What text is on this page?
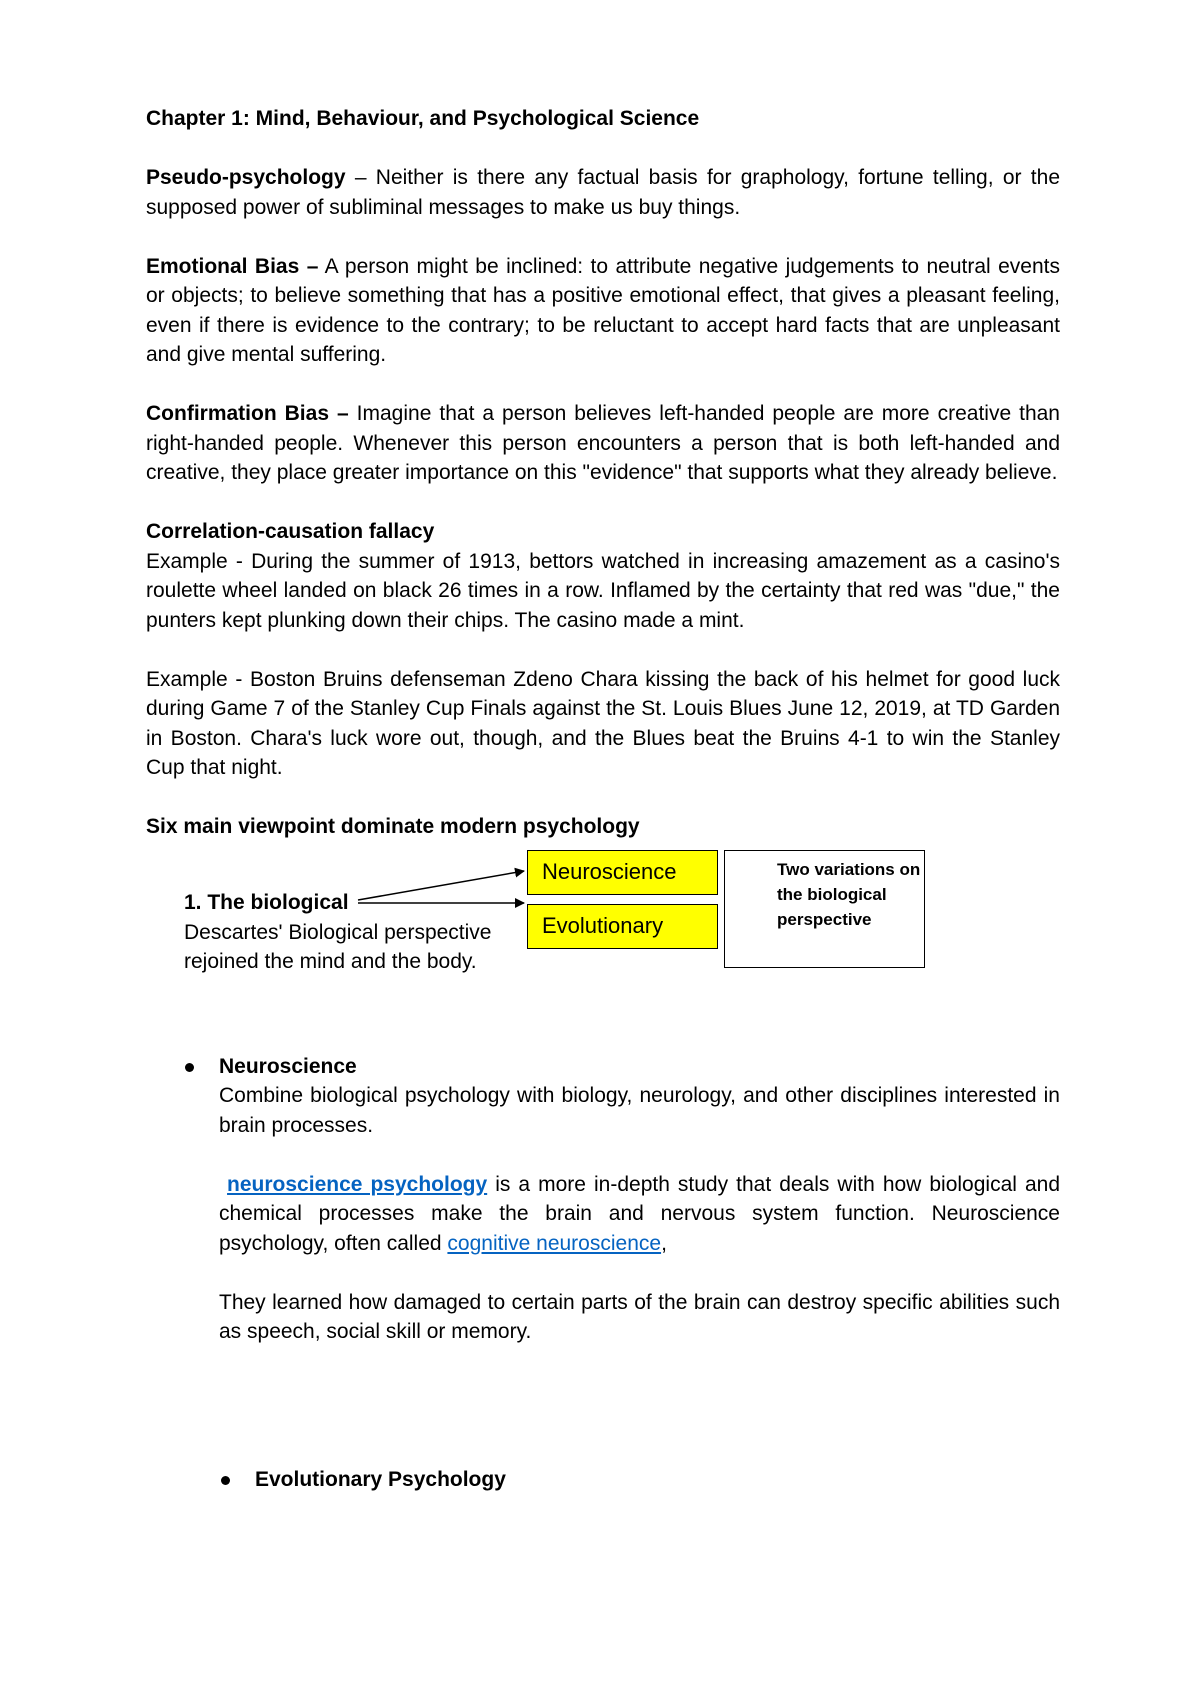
Chapter 1: Mind, Behaviour, and Psychological Science

Pseudo-psychology – Neither is there any factual basis for graphology, fortune telling, or the supposed power of subliminal messages to make us buy things.

Emotional Bias – A person might be inclined: to attribute negative judgements to neutral events or objects; to believe something that has a positive emotional effect, that gives a pleasant feeling, even if there is evidence to the contrary; to be reluctant to accept hard facts that are unpleasant and give mental suffering.

Confirmation Bias – Imagine that a person believes left-handed people are more creative than right-handed people. Whenever this person encounters a person that is both left-handed and creative, they place greater importance on this "evidence" that supports what they already believe.

Correlation-causation fallacy

Example - During the summer of 1913, bettors watched in increasing amazement as a casino's roulette wheel landed on black 26 times in a row. Inflamed by the certainty that red was "due," the punters kept plunking down their chips. The casino made a mint.

Example - Boston Bruins defenseman Zdeno Chara kissing the back of his helmet for good luck during Game 7 of the Stanley Cup Finals against the St. Louis Blues June 12, 2019, at TD Garden in Boston. Chara's luck wore out, though, and the Blues beat the Bruins 4-1 to win the Stanley Cup that night.

Six main viewpoint dominate modern psychology

Neuroscience
Evolutionary
Two variations on the biological perspective
1. The biological
Descartes' Biological perspective
rejoined the mind and the body.

Neuroscience

Combine biological psychology with biology, neurology, and other disciplines interested in brain processes.

neuroscience psychology is a more in-depth study that deals with how biological and chemical processes make the brain and nervous system function. Neuroscience psychology, often called cognitive neuroscience,

They learned how damaged to certain parts of the brain can destroy specific abilities such as speech, social skill or memory.

Evolutionary Psychology
